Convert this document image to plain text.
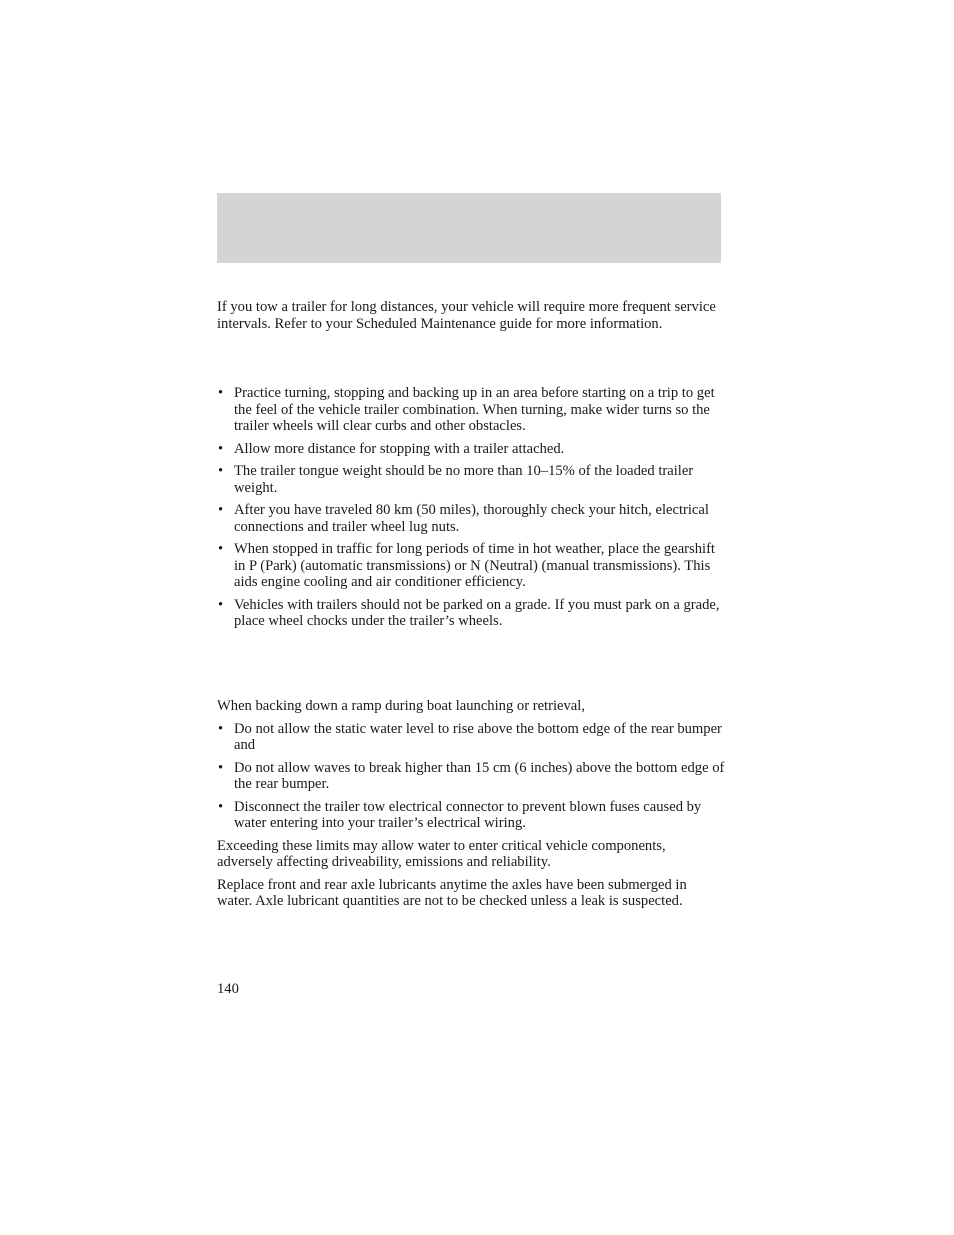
If you tow a trailer for long distances, your vehicle will require more frequent service intervals. Refer to your Scheduled Maintenance guide for more information.

• Practice turning, stopping and backing up in an area before starting on a trip to get the feel of the vehicle trailer combination. When turning, make wider turns so the trailer wheels will clear curbs and other obstacles.
• Allow more distance for stopping with a trailer attached.
• The trailer tongue weight should be no more than 10–15% of the loaded trailer weight.
• After you have traveled 80 km (50 miles), thoroughly check your hitch, electrical connections and trailer wheel lug nuts.
• When stopped in traffic for long periods of time in hot weather, place the gearshift in P (Park) (automatic transmissions) or N (Neutral) (manual transmissions). This aids engine cooling and air conditioner efficiency.
• Vehicles with trailers should not be parked on a grade. If you must park on a grade, place wheel chocks under the trailer’s wheels.

When backing down a ramp during boat launching or retrieval,

• Do not allow the static water level to rise above the bottom edge of the rear bumper and
• Do not allow waves to break higher than 15 cm (6 inches) above the bottom edge of the rear bumper.
• Disconnect the trailer tow electrical connector to prevent blown fuses caused by water entering into your trailer’s electrical wiring.

Exceeding these limits may allow water to enter critical vehicle components, adversely affecting driveability, emissions and reliability.

Replace front and rear axle lubricants anytime the axles have been submerged in water. Axle lubricant quantities are not to be checked unless a leak is suspected.

140
